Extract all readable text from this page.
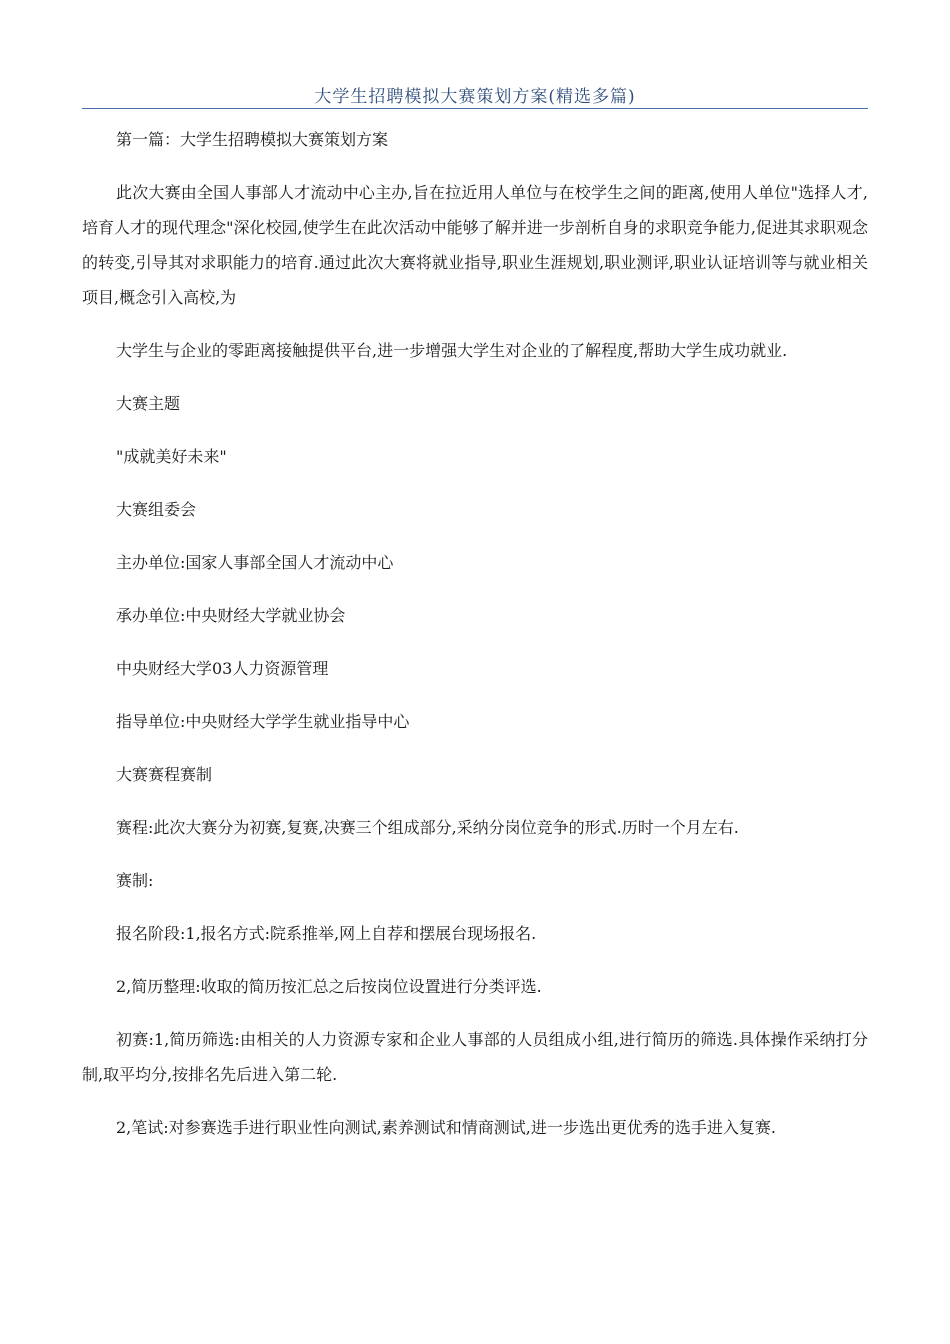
大学生招聘模拟大赛策划方案(精选多篇)

第一篇：大学生招聘模拟大赛策划方案

此次大赛由全国人事部人才流动中心主办,旨在拉近用人单位与在校学生之间的距离,使用人单位"选择人才,培育人才的现代理念"深化校园,使学生在此次活动中能够了解并进一步剖析自身的求职竞争能力,促进其求职观念的转变,引导其对求职能力的培育.通过此次大赛将就业指导,职业生涯规划,职业测评,职业认证培训等与就业相关项目,概念引入高校,为

大学生与企业的零距离接触提供平台,进一步增强大学生对企业的了解程度,帮助大学生成功就业.

大赛主题

"成就美好未来"

大赛组委会

主办单位:国家人事部全国人才流动中心

承办单位:中央财经大学就业协会

中央财经大学03人力资源管理

指导单位:中央财经大学学生就业指导中心

大赛赛程赛制

赛程:此次大赛分为初赛,复赛,决赛三个组成部分,采纳分岗位竞争的形式.历时一个月左右.

赛制:

报名阶段:1,报名方式:院系推举,网上自荐和摆展台现场报名.

2,简历整理:收取的简历按汇总之后按岗位设置进行分类评选.

初赛:1,简历筛选:由相关的人力资源专家和企业人事部的人员组成小组,进行简历的筛选.具体操作采纳打分制,取平均分,按排名先后进入第二轮.

2,笔试:对参赛选手进行职业性向测试,素养测试和情商测试,进一步选出更优秀的选手进入复赛.
